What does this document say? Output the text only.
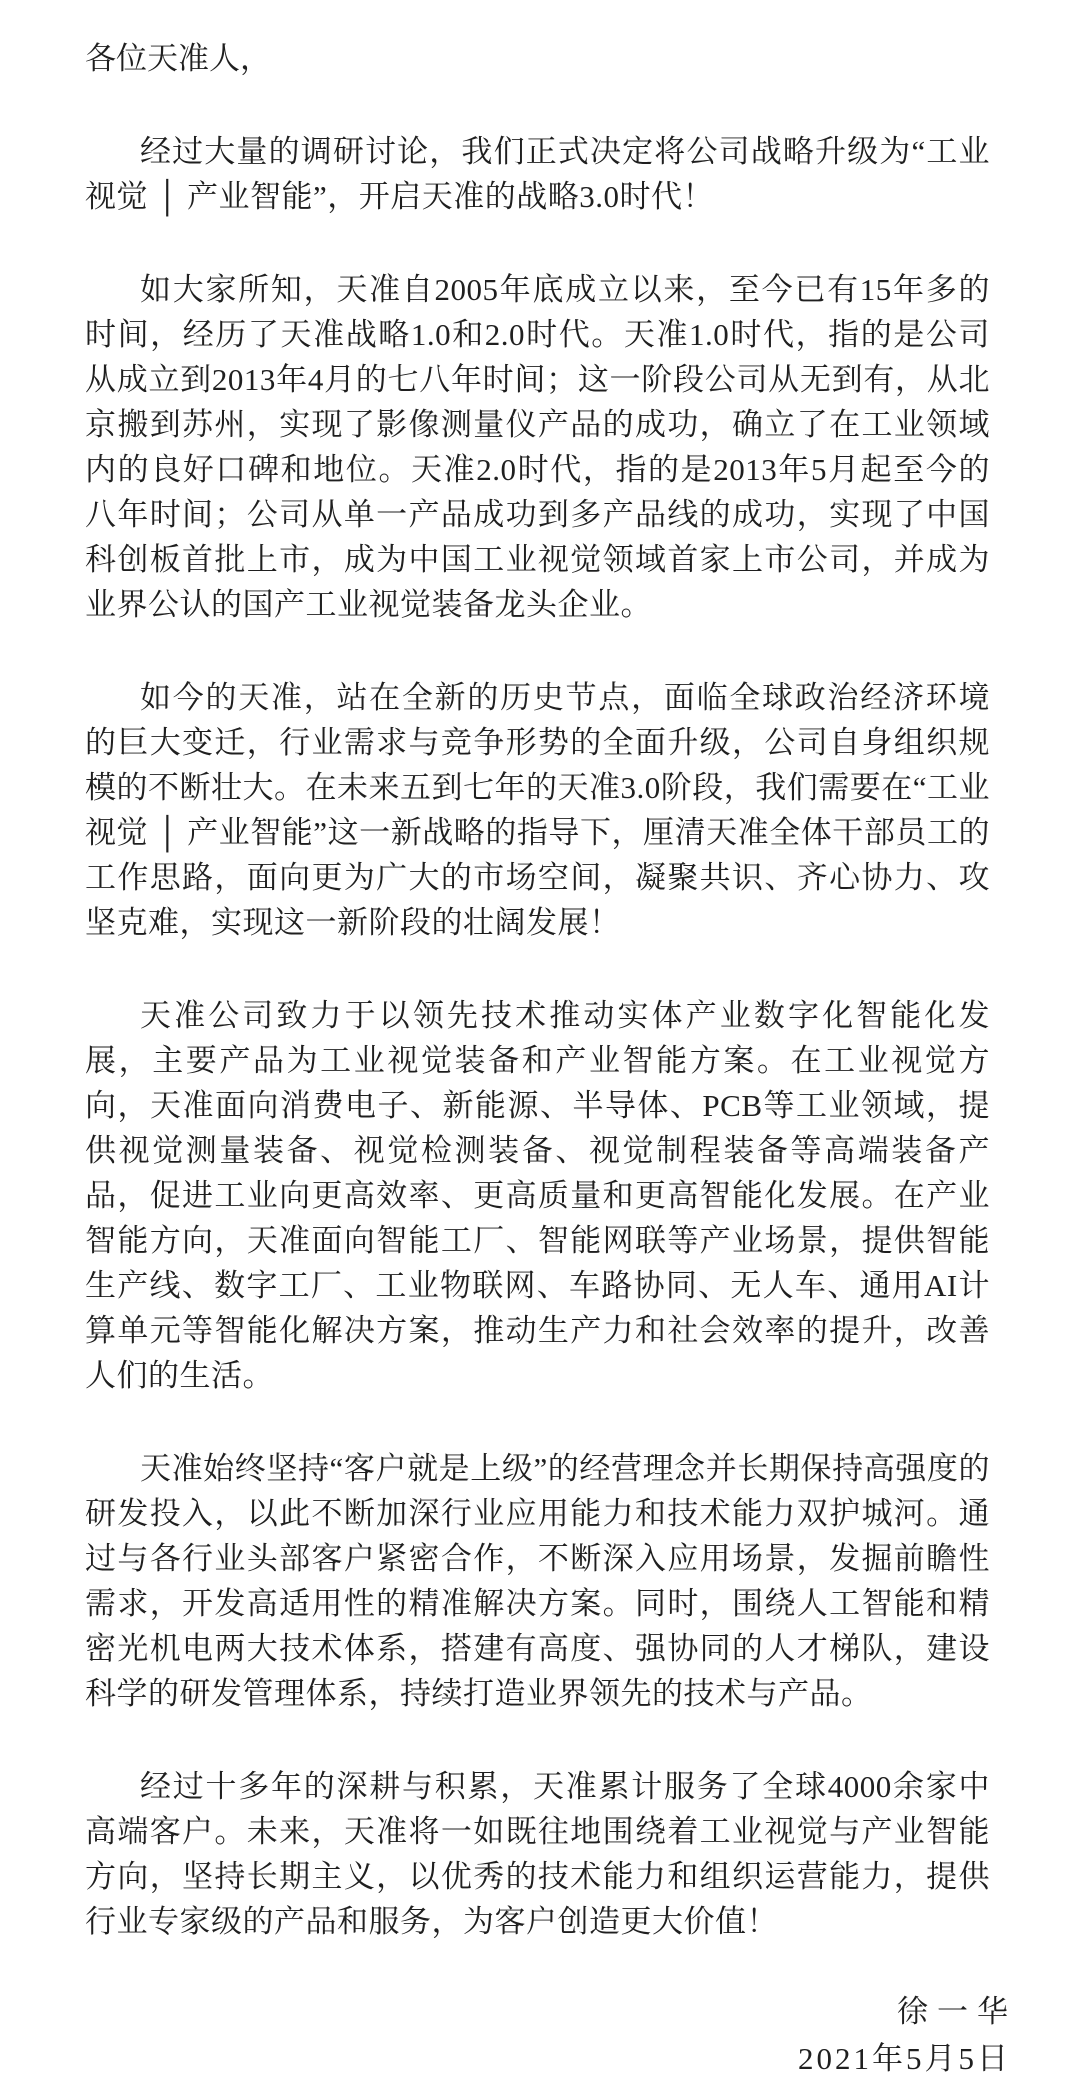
各位天准人，

经过大量的调研讨论，我们正式决定将公司战略升级为“工业视觉 │ 产业智能”，开启天准的战略3.0时代！

如大家所知，天准自2005年底成立以来，至今已有15年多的时间，经历了天准战略1.0和2.0时代。天准1.0时代，指的是公司从成立到2013年4月的七八年时间；这一阶段公司从无到有，从北京搬到苏州，实现了影像测量仪产品的成功，确立了在工业领域内的良好口碑和地位。天准2.0时代，指的是2013年5月起至今的八年时间；公司从单一产品成功到多产品线的成功，实现了中国科创板首批上市，成为中国工业视觉领域首家上市公司，并成为业界公认的国产工业视觉装备龙头企业。

如今的天准，站在全新的历史节点，面临全球政治经济环境的巨大变迁，行业需求与竞争形势的全面升级，公司自身组织规模的不断壮大。在未来五到七年的天准3.0阶段，我们需要在“工业视觉 │ 产业智能”这一新战略的指导下，厘清天准全体干部员工的工作思路，面向更为广大的市场空间，凝聚共识、齐心协力、攻坚克难，实现这一新阶段的壮阔发展！

天准公司致力于以领先技术推动实体产业数字化智能化发展，主要产品为工业视觉装备和产业智能方案。在工业视觉方向，天准面向消费电子、新能源、半导体、PCB等工业领域，提供视觉测量装备、视觉检测装备、视觉制程装备等高端装备产品，促进工业向更高效率、更高质量和更高智能化发展。在产业智能方向，天准面向智能工厂、智能网联等产业场景，提供智能生产线、数字工厂、工业物联网、车路协同、无人车、通用AI计算单元等智能化解决方案，推动生产力和社会效率的提升，改善人们的生活。

天准始终坚持“客户就是上级”的经营理念并长期保持高强度的研发投入，以此不断加深行业应用能力和技术能力双护城河。通过与各行业头部客户紧密合作，不断深入应用场景，发掘前瞻性需求，开发高适用性的精准解决方案。同时，围绕人工智能和精密光机电两大技术体系，搭建有高度、强协同的人才梯队，建设科学的研发管理体系，持续打造业界领先的技术与产品。

经过十多年的深耕与积累，天准累计服务了全球4000余家中高端客户。未来，天准将一如既往地围绕着工业视觉与产业智能方向，坚持长期主义，以优秀的技术能力和组织运营能力，提供行业专家级的产品和服务，为客户创造更大价值！

徐一华

2021年5月5日
